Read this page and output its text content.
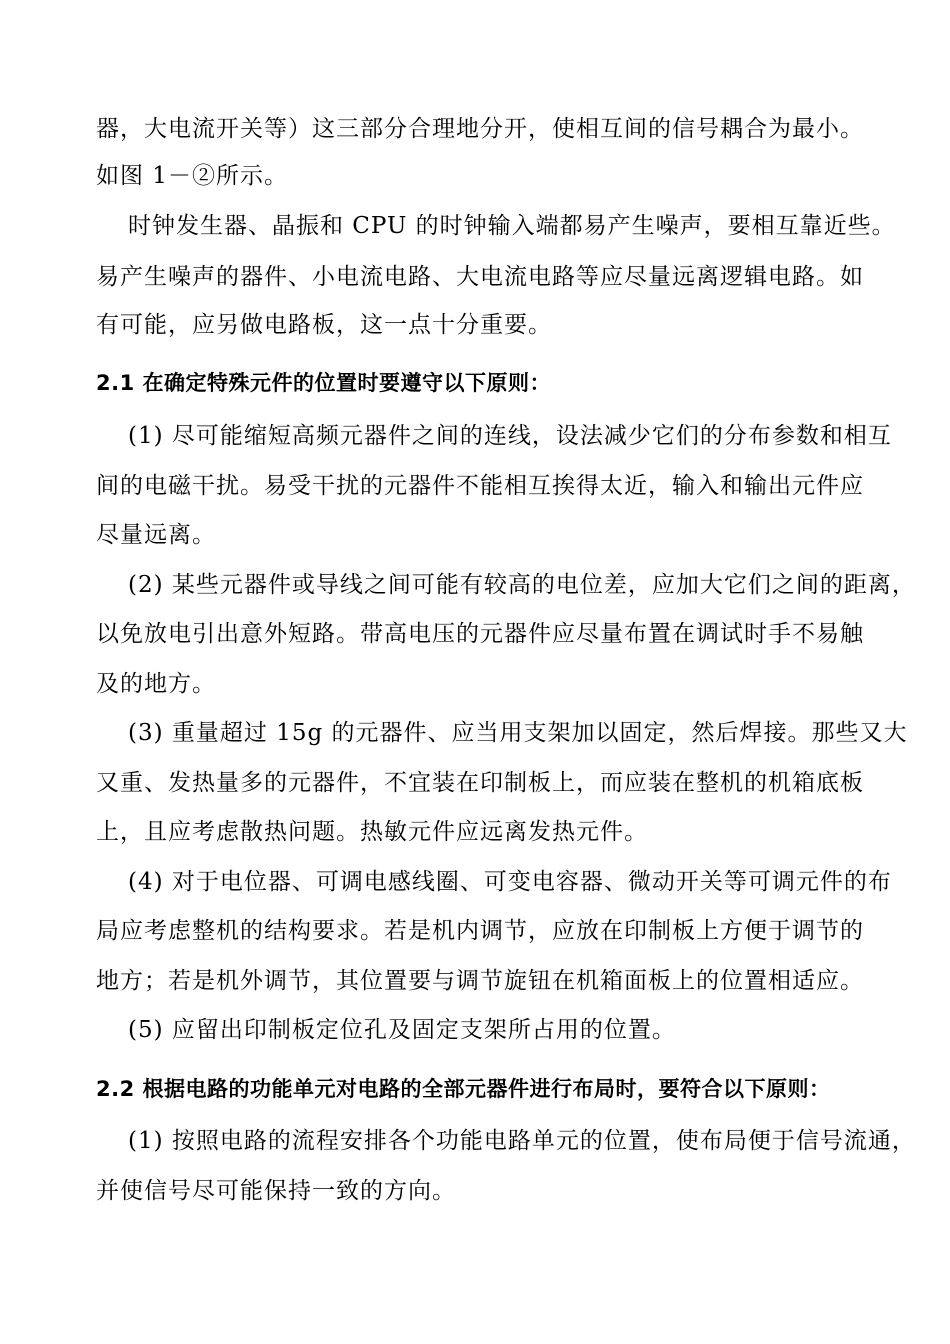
器，大电流开关等）这三部分合理地分开，使相互间的信号耦合为最小。
如图 1－②所示。
时钟发生器、晶振和 CPU 的时钟输入端都易产生噪声，要相互靠近些。
易产生噪声的器件、小电流电路、大电流电路等应尽量远离逻辑电路。如
有可能，应另做电路板，这一点十分重要。
2.1 在确定特殊元件的位置时要遵守以下原则：
(1) 尽可能缩短高频元器件之间的连线，设法减少它们的分布参数和相互
间的电磁干扰。易受干扰的元器件不能相互挨得太近，输入和输出元件应
尽量远离。
(2) 某些元器件或导线之间可能有较高的电位差，应加大它们之间的距离，
以免放电引出意外短路。带高电压的元器件应尽量布置在调试时手不易触
及的地方。
(3) 重量超过 15g 的元器件、应当用支架加以固定，然后焊接。那些又大
又重、发热量多的元器件，不宜装在印制板上，而应装在整机的机箱底板
上，且应考虑散热问题。热敏元件应远离发热元件。
(4) 对于电位器、可调电感线圈、可变电容器、微动开关等可调元件的布
局应考虑整机的结构要求。若是机内调节，应放在印制板上方便于调节的
地方；若是机外调节，其位置要与调节旋钮在机箱面板上的位置相适应。
(5) 应留出印制板定位孔及固定支架所占用的位置。
2.2 根据电路的功能单元对电路的全部元器件进行布局时，要符合以下原则：
(1) 按照电路的流程安排各个功能电路单元的位置，使布局便于信号流通，
并使信号尽可能保持一致的方向。
